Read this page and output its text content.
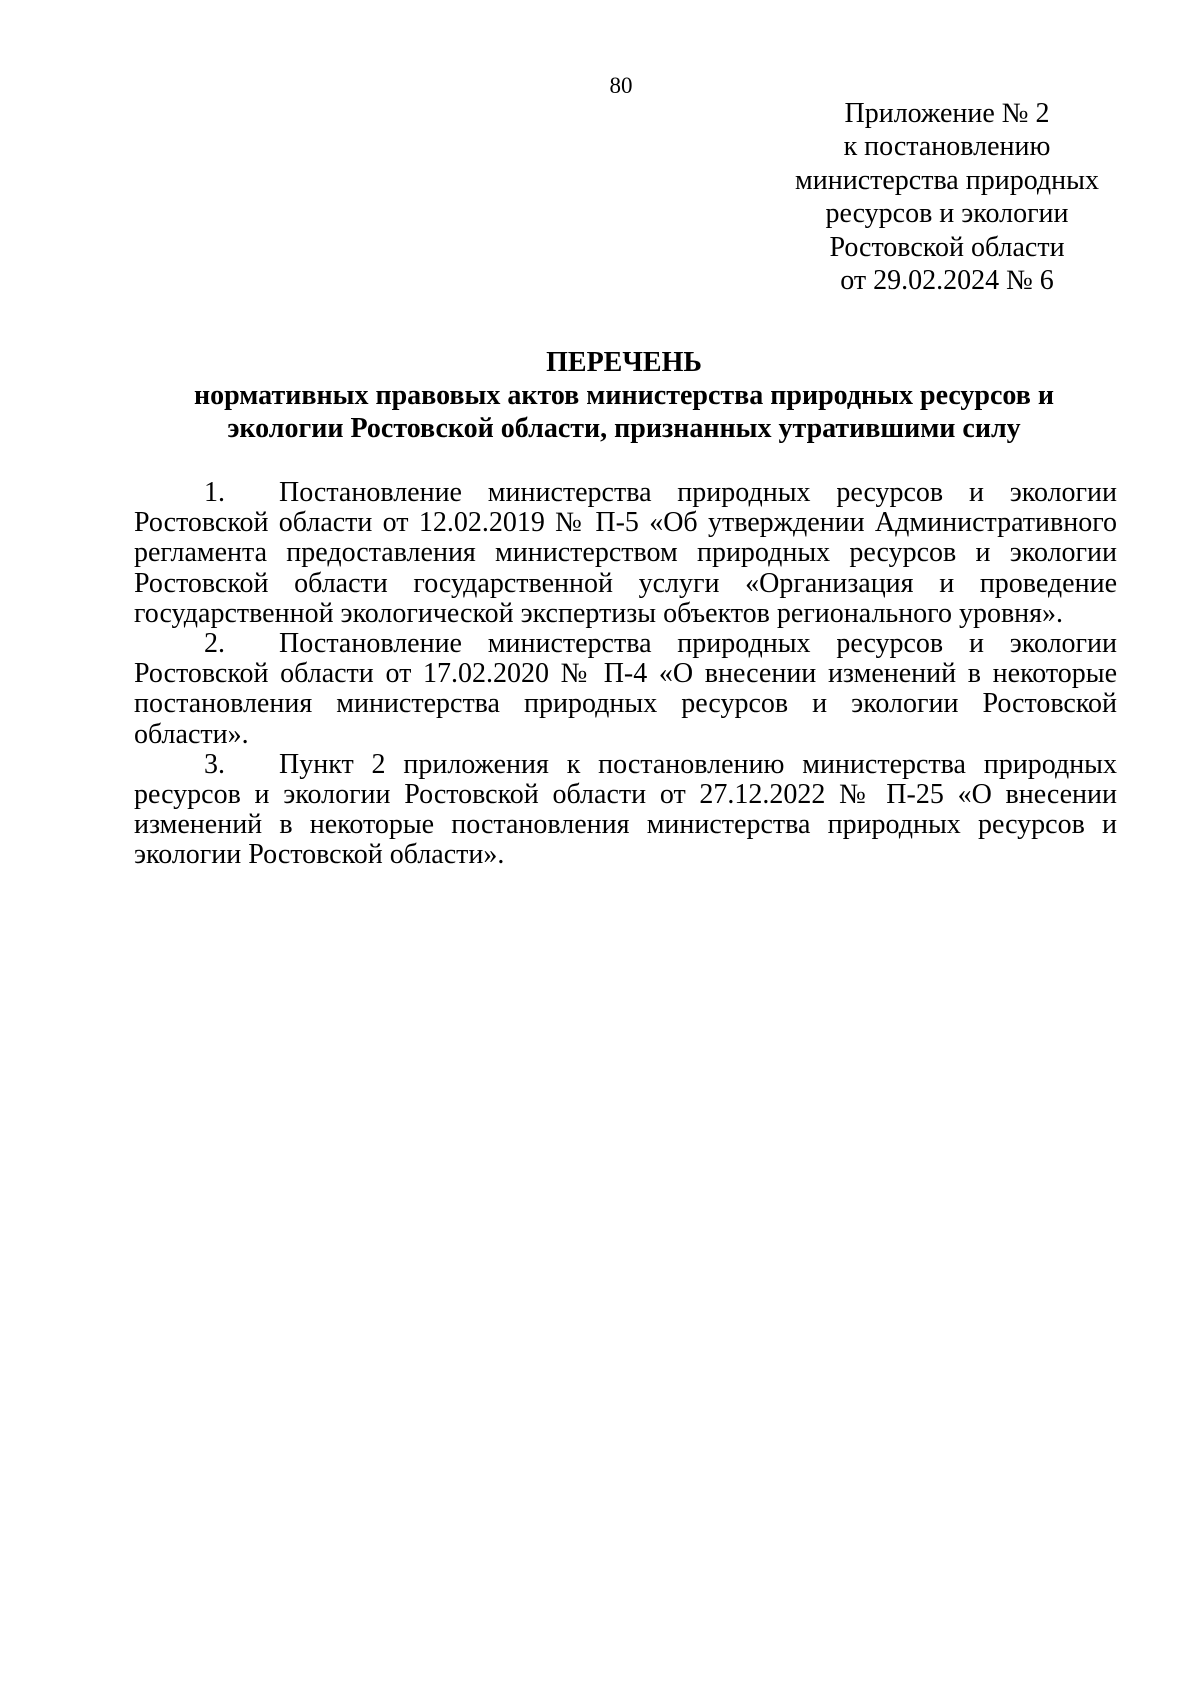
80
Приложение № 2
к постановлению
министерства природных
ресурсов и экологии
Ростовской области
от 29.02.2024 № 6
ПЕРЕЧЕНЬ
нормативных правовых актов министерства природных ресурсов и
экологии Ростовской области, признанных утратившими силу

1. Постановление министерства природных ресурсов и экологии Ростовской области от 12.02.2019 № П-5 «Об утверждении Административного регламента предоставления министерством природных ресурсов и экологии Ростовской области государственной услуги «Организация и проведение государственной экологической экспертизы объектов регионального уровня».

2. Постановление министерства природных ресурсов и экологии Ростовской области от 17.02.2020 № П-4 «О внесении изменений в некоторые постановления министерства природных ресурсов и экологии Ростовской области».

3. Пункт 2 приложения к постановлению министерства природных ресурсов и экологии Ростовской области от 27.12.2022 № П-25 «О внесении изменений в некоторые постановления министерства природных ресурсов и экологии Ростовской области».
